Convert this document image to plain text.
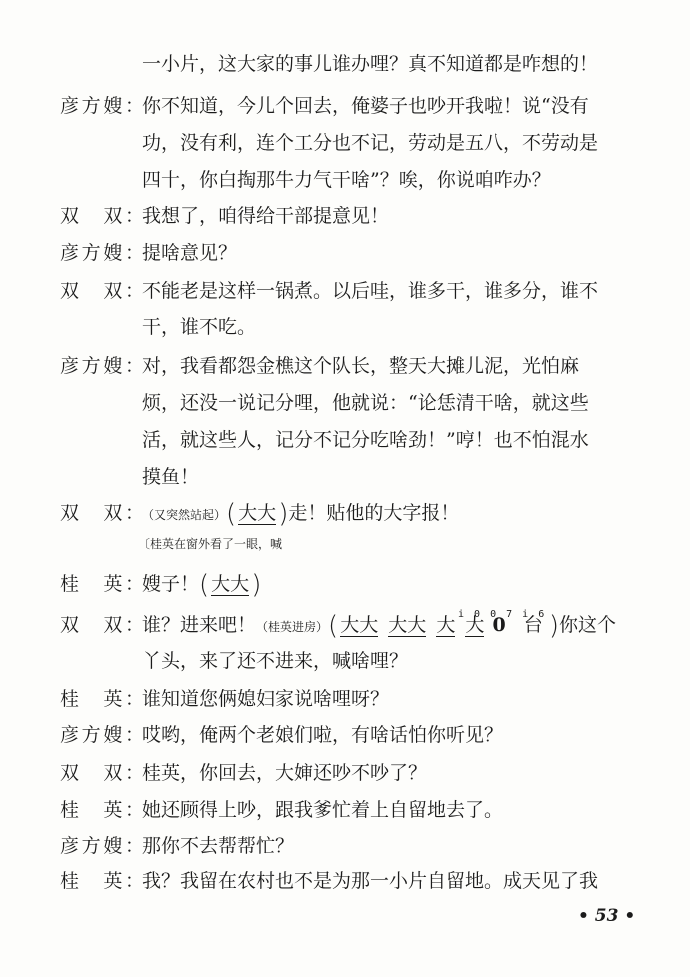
一小片，这大家的事儿谁办哩？真不知道都是咋想的！
彦方嫂：
你不知道，今儿个回去，俺婆子也吵开我啦！说“没有
功，没有利，连个工分也不记，劳动是五八，不劳动是
四十，你白掏那牛力气干啥”？唉，你说咱咋办？
双　双：
我想了，咱得给干部提意见！
彦方嫂：
提啥意见？
双　双：
不能老是这样一锅煮。以后哇，谁多干，谁多分，谁不
干，谁不吃。
彦方嫂：
对，我看都怨金樵这个队长，整天大摊儿泥，光怕麻
烦，还没一说记分哩，他就说：“论恁清干啥，就这些
活，就这些人，记分不记分吃啥劲！”哼！也不怕混水
摸鱼！
双　双：
（又突然站起）( 大大)走！贴他的大字报！
〔桂英在窗外看了一眼，喊
桂　英：
嫂子！( 大大)
双　双：	i 0 0 7 i 6
谁？进来吧！（桂英进房）( 大大 大大 大 大 0 台 )你这个
丫头，来了还不进来，喊啥哩？
桂　英：
谁知道您俩媳妇家说啥哩呀？
彦方嫂：
哎哟，俺两个老娘们啦，有啥话怕你听见？
双　双：
桂英，你回去，大婶还吵不吵了？
桂　英：
她还顾得上吵，跟我爹忙着上自留地去了。
彦方嫂：
那你不去帮帮忙？
桂　英：
我？我留在农村也不是为那一小片自留地。成天见了我
• 53 •
